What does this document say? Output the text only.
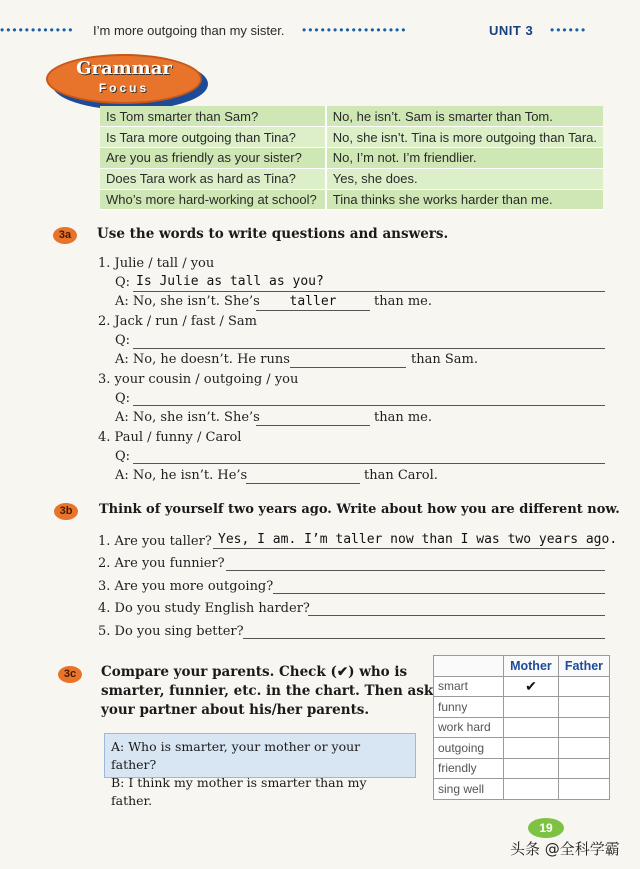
•••••••••••• I’m more outgoing than my sister. •••••••••••••••••	UNIT 3 ••••••
Grammar
Focus
Is Tom smarter than Sam?	No, he isn’t. Sam is smarter than Tom.
Is Tara more outgoing than Tina?	No, she isn’t. Tina is more outgoing than Tara.
Are you as friendly as your sister?	No, I’m not. I’m friendlier.
Does Tara work as hard as Tina?	Yes, she does.
Who’s more hard-working at school?	Tina thinks she works harder than me.
3a	Use the words to write questions and answers.
1. Julie / tall / you
Q: Is Julie as tall as you?
A: No, she isn’t. She’s	taller	than me.
2. Jack / run / fast / Sam
Q:
A: No, he doesn’t. He runs	than Sam.
3. your cousin / outgoing / you
Q:
A: No, she isn’t. She’s	than me.
4. Paul / funny / Carol
Q:
A: No, he isn’t. He’s	than Carol.
3b	Think of yourself two years ago. Write about how you are different now.
1. Are you taller? Yes, I am. I’m taller now than I was two years ago.
2. Are you funnier?
3. Are you more outgoing?
4. Do you study English harder?
5. Do you sing better?
3c	Compare your parents. Check (✔) who is
smarter, funnier, etc. in the chart. Then ask
your partner about his/her parents.
A: Who is smarter, your mother or your father?
B: I think my mother is smarter than my father.
	Mother	Father
smart	✔	
funny		
work hard		
outgoing		
friendly		
sing well		
19
头条 @全科学霸
